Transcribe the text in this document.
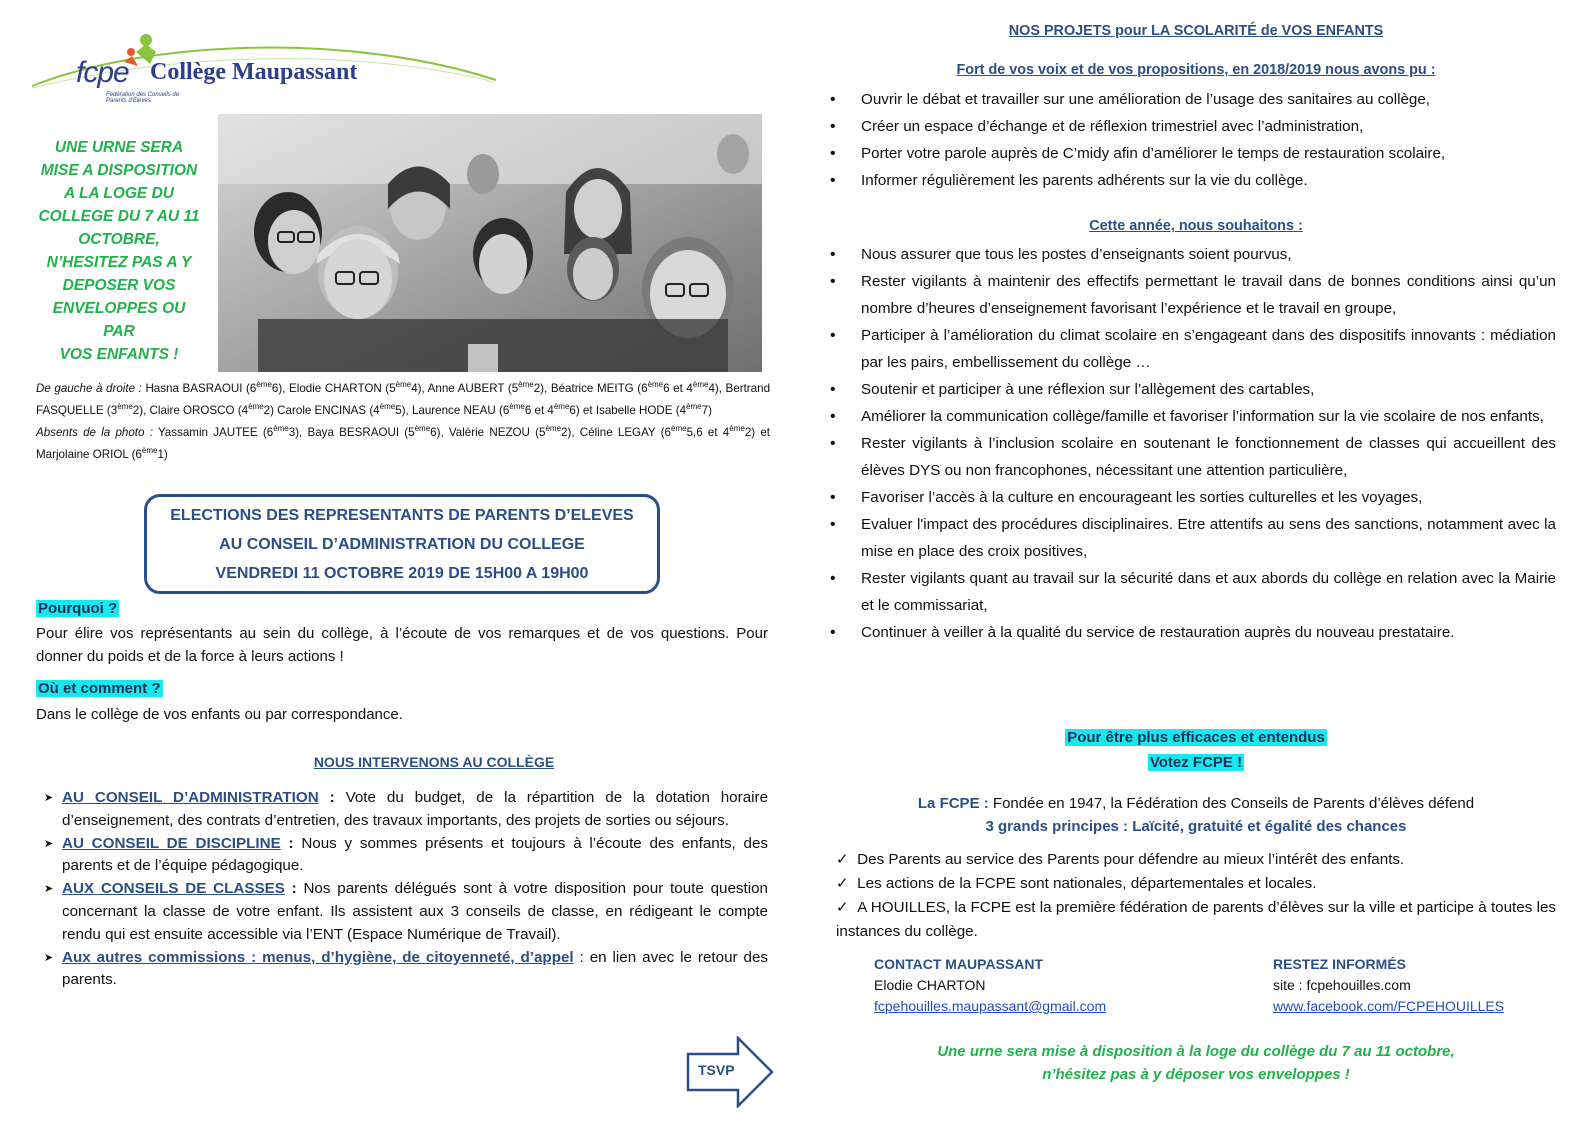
fcpe
Fédération des Conseils de Parents d'Elèves
Collège Maupassant
UNE URNE SERA
MISE A DISPOSITION
A LA LOGE DU
COLLEGE DU 7 AU 11
OCTOBRE,
N’HESITEZ PAS A Y
DEPOSER VOS
ENVELOPPES OU PAR
VOS ENFANTS !
De gauche à droite : Hasna BASRAOUI (6ème6), Elodie CHARTON (5ème4), Anne AUBERT (5ème2), Béatrice MEITG (6ème6 et 4ème4), Bertrand FASQUELLE (3ème2), Claire OROSCO (4ème2) Carole ENCINAS (4ème5), Laurence NEAU (6ème6 et 4ème6) et Isabelle HODE (4ème7)
Absents de la photo : Yassamin JAUTEE (6ème3), Baya BESRAOUI (5ème6), Valérie NEZOU (5ème2), Céline LEGAY (6ème5,6 et 4ème2) et Marjolaine ORIOL (6ème1)
ELECTIONS DES REPRESENTANTS DE PARENTS D’ELEVES
AU CONSEIL D’ADMINISTRATION DU COLLEGE
VENDREDI 11 OCTOBRE 2019 DE 15H00 A 19H00
Pourquoi ?
Pour élire vos représentants au sein du collège, à l’écoute de vos remarques et de vos questions. Pour donner du poids et de la force à leurs actions !
Où et comment ?
Dans le collège de vos enfants ou par correspondance.
NOUS INTERVENONS AU COLLÈGE
➤ AU CONSEIL D’ADMINISTRATION : Vote du budget, de la répartition de la dotation horaire d’enseignement, des contrats d’entretien, des travaux importants, des projets de sorties ou séjours.
➤ AU CONSEIL DE DISCIPLINE : Nous y sommes présents et toujours à l’écoute des enfants, des parents et de l’équipe pédagogique.
➤ AUX CONSEILS DE CLASSES : Nos parents délégués sont à votre disposition pour toute question concernant la classe de votre enfant. Ils assistent aux 3 conseils de classe, en rédigeant le compte rendu qui est ensuite accessible via l’ENT (Espace Numérique de Travail).
➤ Aux autres commissions : menus, d’hygiène, de citoyenneté, d’appel : en lien avec le retour des parents.
TSVP
NOS PROJETS pour LA SCOLARITÉ de VOS ENFANTS
Fort de vos voix et de vos propositions, en 2018/2019 nous avons pu :
• Ouvrir le débat et travailler sur une amélioration de l’usage des sanitaires au collège,
• Créer un espace d’échange et de réflexion trimestriel avec l’administration,
• Porter votre parole auprès de C’midy afin d’améliorer le temps de restauration scolaire,
• Informer régulièrement les parents adhérents sur la vie du collège.
Cette année, nous souhaitons :
• Nous assurer que tous les postes d’enseignants soient pourvus,
• Rester vigilants à maintenir des effectifs permettant le travail dans de bonnes conditions ainsi qu’un nombre d’heures d’enseignement favorisant l’expérience et le travail en groupe,
• Participer à l’amélioration du climat scolaire en s’engageant dans des dispositifs innovants : médiation par les pairs, embellissement du collège …
• Soutenir et participer à une réflexion sur l’allègement des cartables,
• Améliorer la communication collège/famille et favoriser l’information sur la vie scolaire de nos enfants,
• Rester vigilants à l’inclusion scolaire en soutenant le fonctionnement de classes qui accueillent des élèves DYS ou non francophones, nécessitant une attention particulière,
• Favoriser l’accès à la culture en encourageant les sorties culturelles et les voyages,
• Evaluer l'impact des procédures disciplinaires. Etre attentifs au sens des sanctions, notamment avec la mise en place des croix positives,
• Rester vigilants quant au travail sur la sécurité dans et aux abords du collège en relation avec la Mairie et le commissariat,
• Continuer à veiller à la qualité du service de restauration auprès du nouveau prestataire.
Pour être plus efficaces et entendus
Votez FCPE !
La FCPE : Fondée en 1947, la Fédération des Conseils de Parents d’élèves défend
3 grands principes : Laïcité, gratuité et égalité des chances
✓  Des Parents au service des Parents pour défendre au mieux l’intérêt des enfants.
✓  Les actions de la FCPE sont nationales, départementales et locales.
✓  A HOUILLES, la FCPE est la première fédération de parents d’élèves sur la ville et participe à toutes les instances du collège.
CONTACT MAUPASSANT
Elodie CHARTON
fcpehouilles.maupassant@gmail.com
RESTEZ INFORMÉS
site : fcpehouilles.com
www.facebook.com/FCPEHOUILLES
Une urne sera mise à disposition à la loge du collège du 7 au 11 octobre,
n’hésitez pas à y déposer vos enveloppes !
